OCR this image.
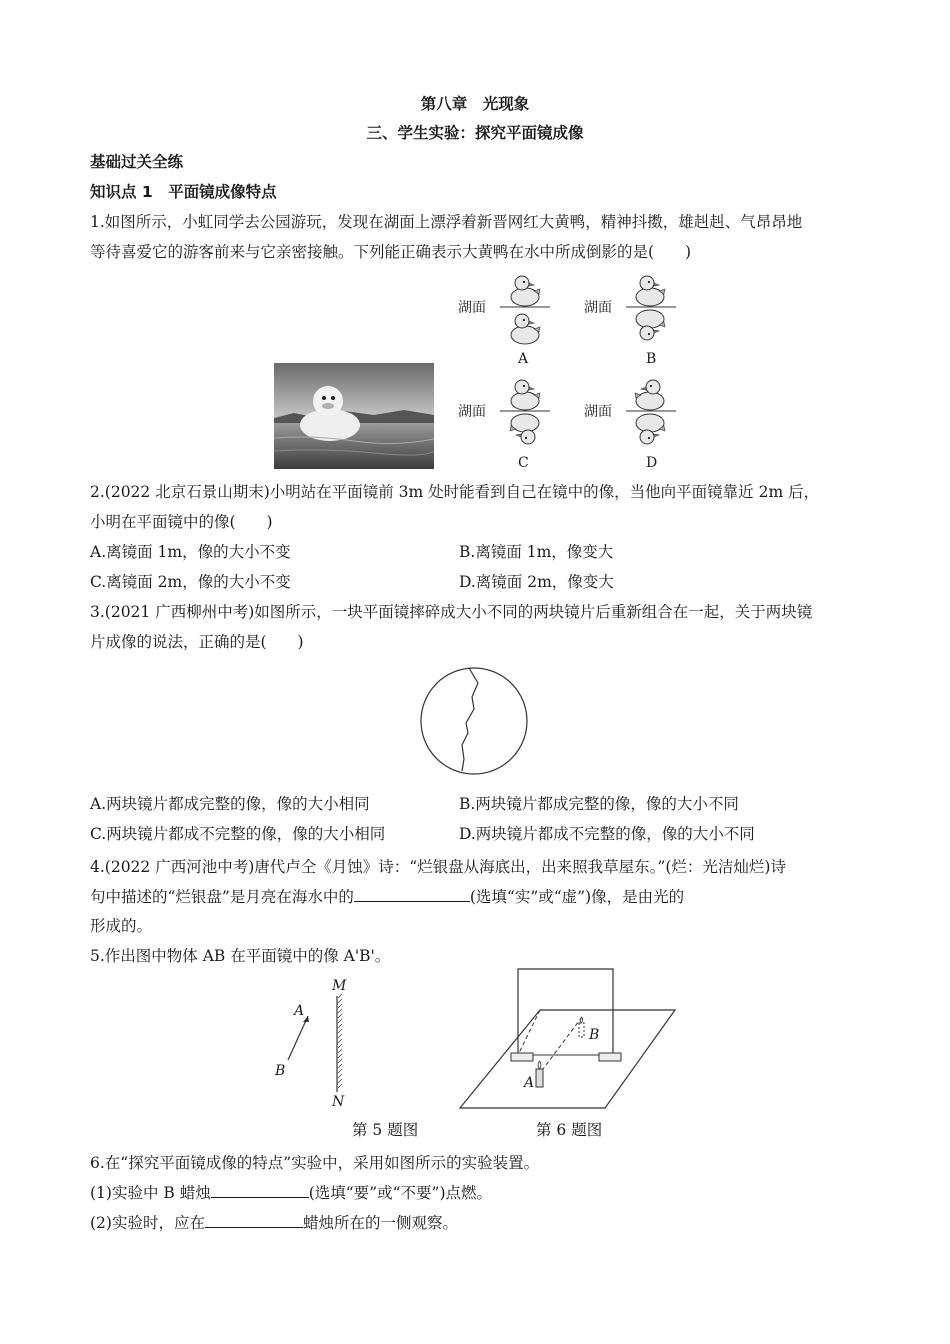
第八章　光现象
三、学生实验：探究平面镜成像
基础过关全练
知识点 1　平面镜成像特点
1.如图所示，小虹同学去公园游玩，发现在湖面上漂浮着新晋网红大黄鸭，精神抖擞，雄赳赳、气昂昂地
等待喜爱它的游客前来与它亲密接触。下列能正确表示大黄鸭在水中所成倒影的是(　　)
湖面
A
湖面
B
湖面
C
湖面
D
2.(2022 北京石景山期末)小明站在平面镜前 3m 处时能看到自己在镜中的像，当他向平面镜靠近 2m 后，
小明在平面镜中的像(　　)
A.离镜面 1m，像的大小不变	B.离镜面 1m，像变大
C.离镜面 2m，像的大小不变	D.离镜面 2m，像变大
3.(2021 广西柳州中考)如图所示，一块平面镜摔碎成大小不同的两块镜片后重新组合在一起，关于两块镜
片成像的说法，正确的是(　　)
A.两块镜片都成完整的像，像的大小相同	B.两块镜片都成完整的像，像的大小不同
C.两块镜片都成不完整的像，像的大小相同	D.两块镜片都成不完整的像，像的大小不同
4.(2022 广西河池中考)唐代卢仝《月蚀》诗：“烂银盘从海底出，出来照我草屋东。”(烂：光洁灿烂)诗
句中描述的“烂银盘”是月亮在海水中的	(选填“实”或“虚”)像，是由光的
形成的。
5.作出图中物体 AB 在平面镜中的像 A'B'。
M
N
A
B
第 5 题图
B
A
第 6 题图
6.在“探究平面镜成像的特点”实验中，采用如图所示的实验装置。
(1)实验中 B 蜡烛	(选填“要”或“不要”)点燃。
(2)实验时，应在	蜡烛所在的一侧观察。
